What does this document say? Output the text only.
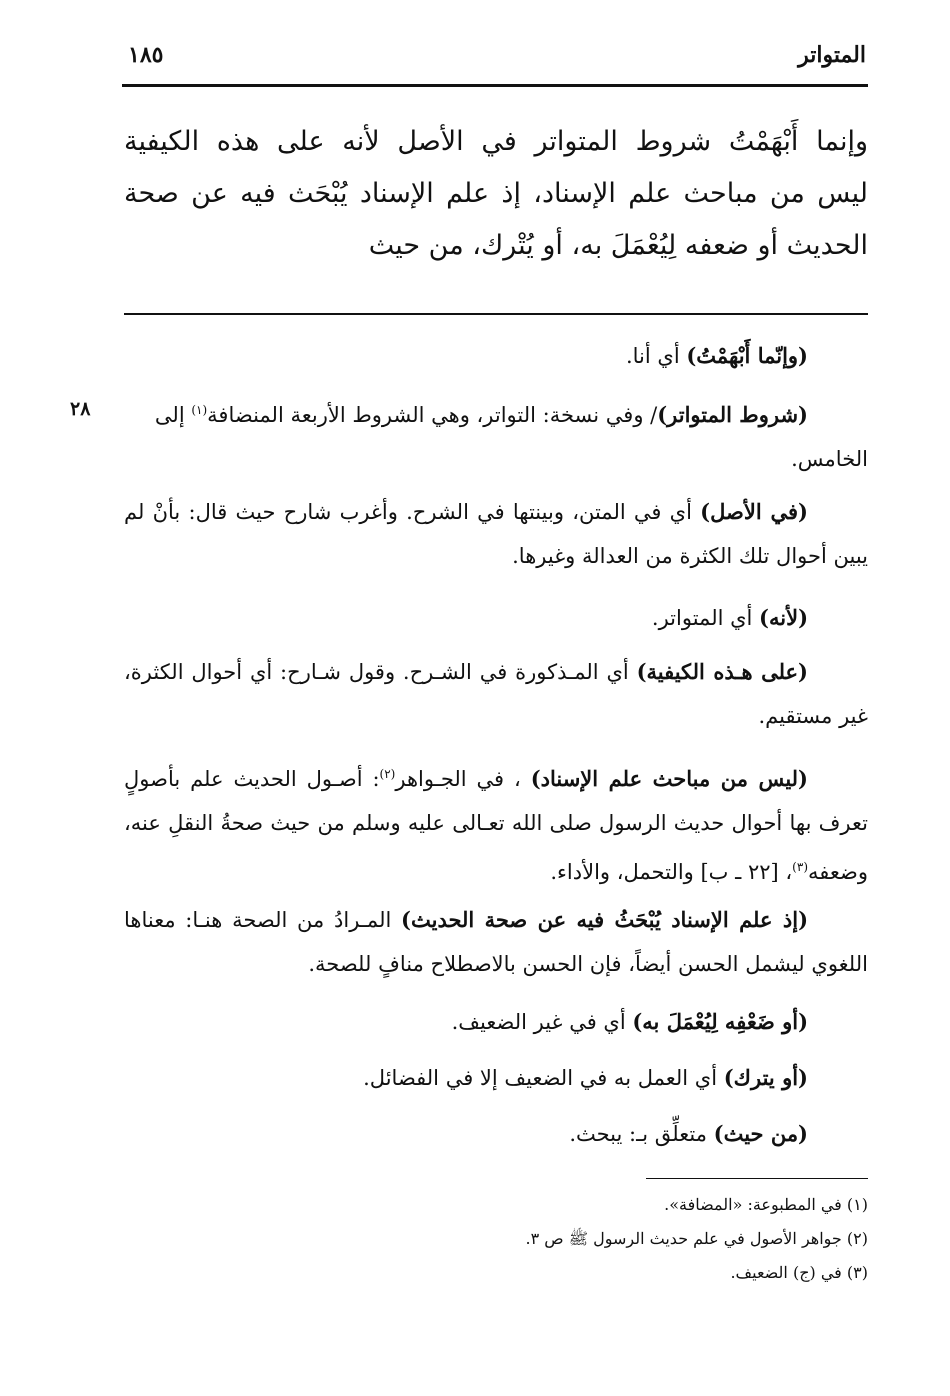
المتواتر
١٨٥
وإنما أَبْهَمْتُ شروط المتواتر في الأصل لأنه على هذه الكيفية
ليس من مباحث علم الإسناد، إذ علم الإسناد يُبْحَث فيه عن صحة
الحديث أو ضعفه لِيُعْمَلَ به، أو يُتْرك، من حيث
٢٨

(وإنّما أَبْهَمْتُ) أي أنا.

(شروط المتواتر)/ وفي نسخة: التواتر، وهي الشروط الأربعة المنضافة$^{(١)}$ إلى الخامس.

(في الأصل) أي في المتن، وبينتها في الشرح. وأغرب شارح حيث قال: بأنْ لم يبين أحوال تلك الكثرة من العدالة وغيرها.

(لأنه) أي المتواتر.

(على هـذه الكيفية) أي المـذكورة في الشـرح. وقول شـارح: أي أحوال الكثرة، غير مستقيم.

(ليس من مباحث علم الإسناد) ، في الجـواهر$^{(٢)}$: أصـول الحديث علم بأصولٍ تعرف بها أحوال حديث الرسول صلى الله تعـالى عليه وسلم من حيث صحةُ النقلِ عنه، وضعفه$^{(٣)}$، [٢٢ ـ ب] والتحمل، والأداء.

(إذ علم الإسناد يُبْحَثُ فيه عن صحة الحديث) المـرادُ من الصحة هنـا: معناها اللغوي ليشمل الحسن أيضاً، فإن الحسن بالاصطلاح منافٍ للصحة.

(أو ضَعْفِه لِيُعْمَلَ به) أي في غير الضعيف.

(أو يترك) أي العمل به في الضعيف إلا في الفضائل.

(من حيث) متعلِّق بـ: يبحث.

(١) في المطبوعة: «المضافة».
(٢) جواهر الأصول في علم حديث الرسول ﷺ ص ٣.
(٣) في (ج) الضعيف.
